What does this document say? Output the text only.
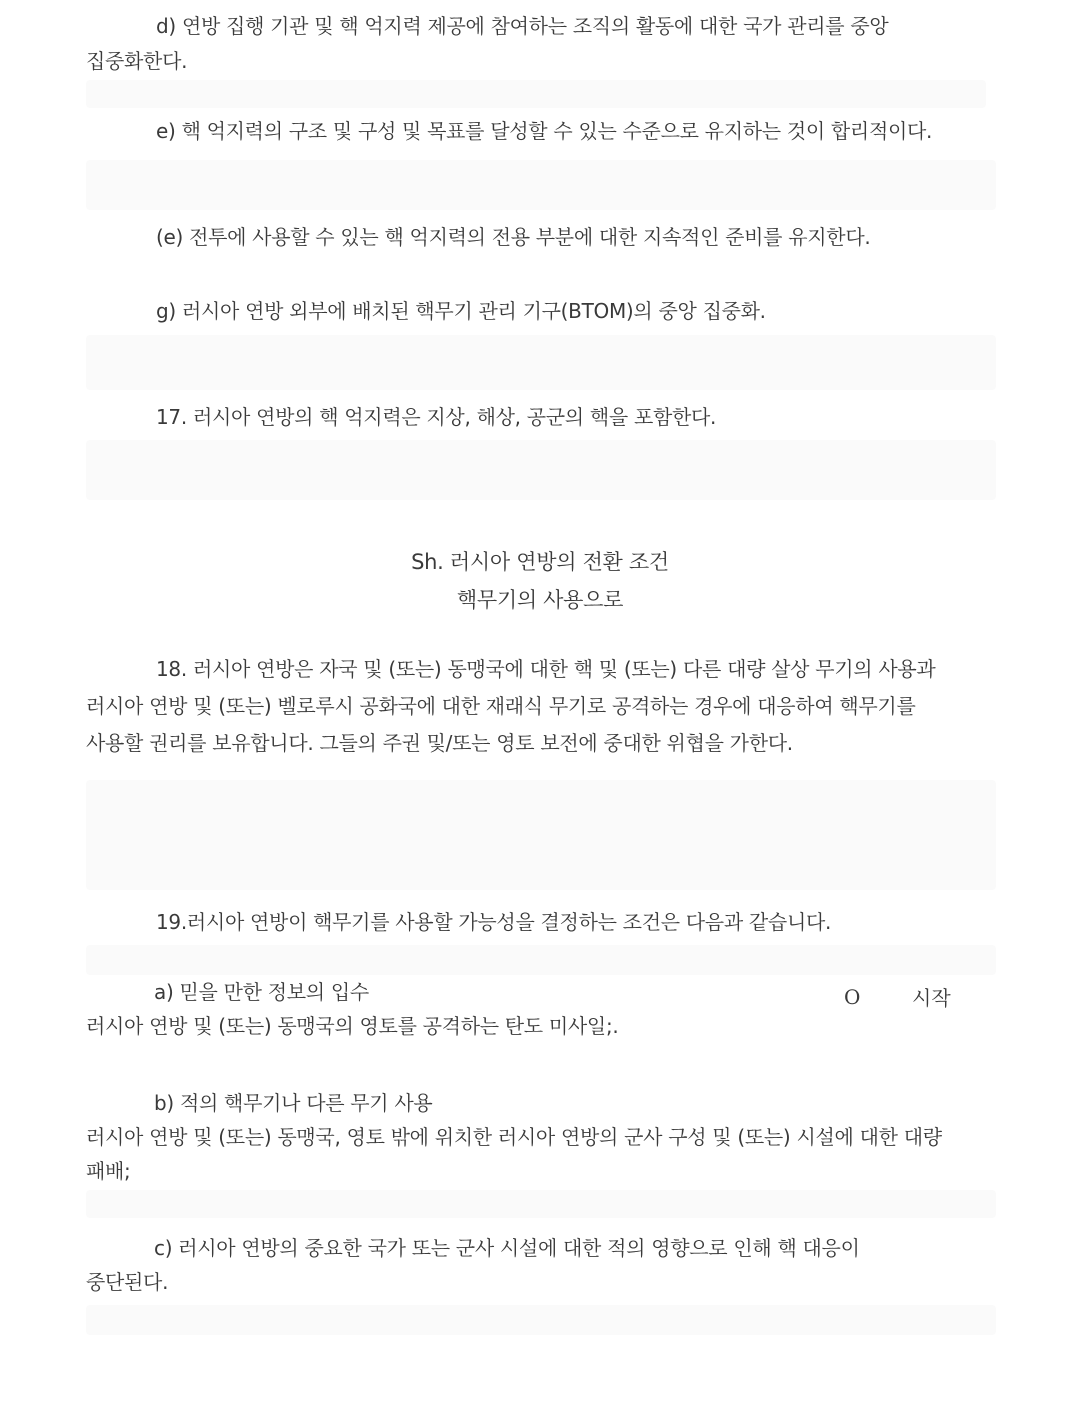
d) 연방 집행 기관 및 핵 억지력 제공에 참여하는 조직의 활동에 대한 국가 관리를 중앙
집중화한다.
e) 핵 억지력의 구조 및 구성 및 목표를 달성할 수 있는 수준으로 유지하는 것이 합리적이다.
(e) 전투에 사용할 수 있는 핵 억지력의 전용 부분에 대한 지속적인 준비를 유지한다.
g) 러시아 연방 외부에 배치된 핵무기 관리 기구(BTOM)의 중앙 집중화.
17. 러시아 연방의 핵 억지력은 지상, 해상, 공군의 핵을 포함한다.
Sh. 러시아 연방의 전환 조건
핵무기의 사용으로
18. 러시아 연방은 자국 및 (또는) 동맹국에 대한 핵 및 (또는) 다른 대량 살상 무기의 사용과
러시아 연방 및 (또는) 벨로루시 공화국에 대한 재래식 무기로 공격하는 경우에 대응하여 핵무기를
사용할 권리를 보유합니다. 그들의 주권 및/또는 영토 보전에 중대한 위협을 가한다.
19.러시아 연방이 핵무기를 사용할 가능성을 결정하는 조건은 다음과 같습니다.
a) 믿을 만한 정보의 입수
러시아 연방 및 (또는) 동맹국의 영토를 공격하는 탄도 미사일;.
O	시작
b) 적의 핵무기나 다른 무기 사용
러시아 연방 및 (또는) 동맹국, 영토 밖에 위치한 러시아 연방의 군사 구성 및 (또는) 시설에 대한 대량
패배;
c) 러시아 연방의 중요한 국가 또는 군사 시설에 대한 적의 영향으로 인해 핵 대응이
중단된다.
